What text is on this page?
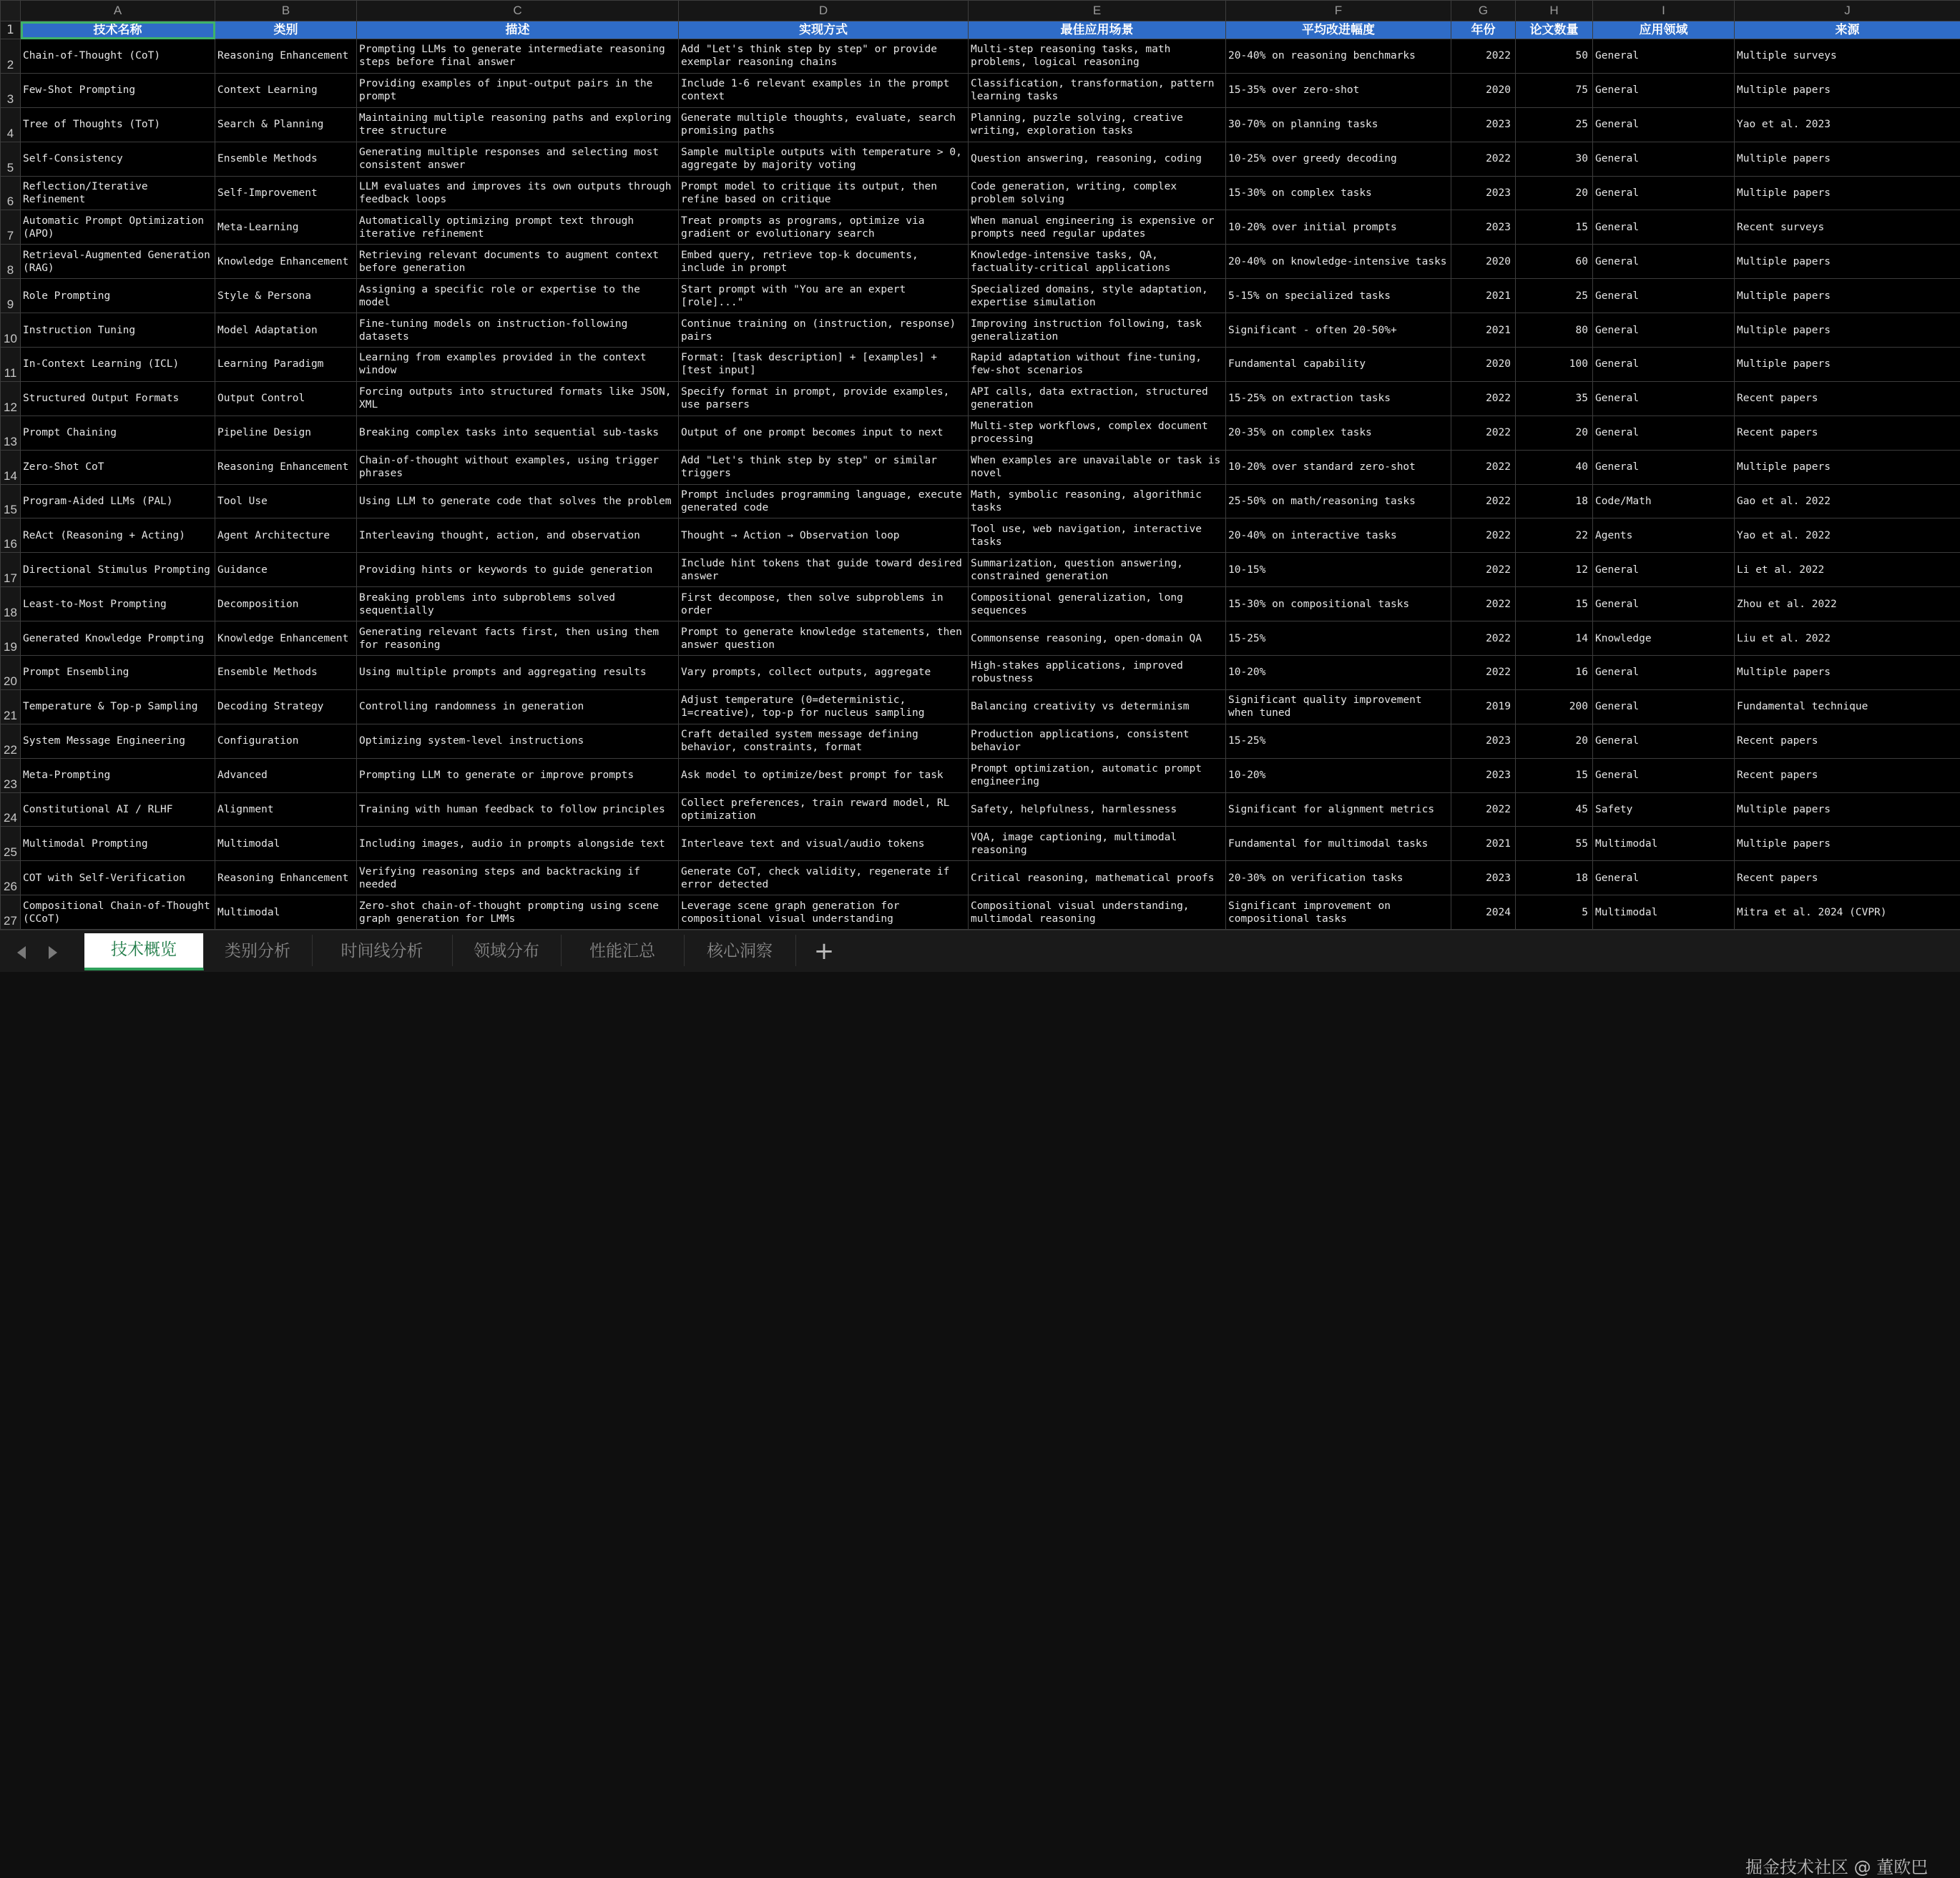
	A	B	C	D	E	F	G	H	I	J
1	技术名称	类别	描述	实现方式	最佳应用场景	平均改进幅度	年份	论文数量	应用领域	来源
2	Chain-of-Thought (CoT)	Reasoning Enhancement	Prompting LLMs to generate intermediate reasoning steps before final answer	Add "Let's think step by step" or provide exemplar reasoning chains	Multi-step reasoning tasks, math problems, logical reasoning	20-40% on reasoning benchmarks	2022	50	General	Multiple surveys
3	Few-Shot Prompting	Context Learning	Providing examples of input-output pairs in the prompt	Include 1-6 relevant examples in the prompt context	Classification, transformation, pattern learning tasks	15-35% over zero-shot	2020	75	General	Multiple papers
4	Tree of Thoughts (ToT)	Search & Planning	Maintaining multiple reasoning paths and exploring tree structure	Generate multiple thoughts, evaluate, search promising paths	Planning, puzzle solving, creative writing, exploration tasks	30-70% on planning tasks	2023	25	General	Yao et al. 2023
5	Self-Consistency	Ensemble Methods	Generating multiple responses and selecting most consistent answer	Sample multiple outputs with temperature > 0, aggregate by majority voting	Question answering, reasoning, coding	10-25% over greedy decoding	2022	30	General	Multiple papers
6	Reflection/Iterative Refinement	Self-Improvement	LLM evaluates and improves its own outputs through feedback loops	Prompt model to critique its output, then refine based on critique	Code generation, writing, complex problem solving	15-30% on complex tasks	2023	20	General	Multiple papers
7	Automatic Prompt Optimization (APO)	Meta-Learning	Automatically optimizing prompt text through iterative refinement	Treat prompts as programs, optimize via gradient or evolutionary search	When manual engineering is expensive or prompts need regular updates	10-20% over initial prompts	2023	15	General	Recent surveys
8	Retrieval-Augmented Generation (RAG)	Knowledge Enhancement	Retrieving relevant documents to augment context before generation	Embed query, retrieve top-k documents, include in prompt	Knowledge-intensive tasks, QA, factuality-critical applications	20-40% on knowledge-intensive tasks	2020	60	General	Multiple papers
9	Role Prompting	Style & Persona	Assigning a specific role or expertise to the model	Start prompt with "You are an expert [role]..."	Specialized domains, style adaptation, expertise simulation	5-15% on specialized tasks	2021	25	General	Multiple papers
10	Instruction Tuning	Model Adaptation	Fine-tuning models on instruction-following datasets	Continue training on (instruction, response) pairs	Improving instruction following, task generalization	Significant - often 20-50%+	2021	80	General	Multiple papers
11	In-Context Learning (ICL)	Learning Paradigm	Learning from examples provided in the context window	Format: [task description] + [examples] + [test input]	Rapid adaptation without fine-tuning, few-shot scenarios	Fundamental capability	2020	100	General	Multiple papers
12	Structured Output Formats	Output Control	Forcing outputs into structured formats like JSON, XML	Specify format in prompt, provide examples, use parsers	API calls, data extraction, structured generation	15-25% on extraction tasks	2022	35	General	Recent papers
13	Prompt Chaining	Pipeline Design	Breaking complex tasks into sequential sub-tasks	Output of one prompt becomes input to next	Multi-step workflows, complex document processing	20-35% on complex tasks	2022	20	General	Recent papers
14	Zero-Shot CoT	Reasoning Enhancement	Chain-of-thought without examples, using trigger phrases	Add "Let's think step by step" or similar triggers	When examples are unavailable or task is novel	10-20% over standard zero-shot	2022	40	General	Multiple papers
15	Program-Aided LLMs (PAL)	Tool Use	Using LLM to generate code that solves the problem	Prompt includes programming language, execute generated code	Math, symbolic reasoning, algorithmic tasks	25-50% on math/reasoning tasks	2022	18	Code/Math	Gao et al. 2022
16	ReAct (Reasoning + Acting)	Agent Architecture	Interleaving thought, action, and observation	Thought → Action → Observation loop	Tool use, web navigation, interactive tasks	20-40% on interactive tasks	2022	22	Agents	Yao et al. 2022
17	Directional Stimulus Prompting	Guidance	Providing hints or keywords to guide generation	Include hint tokens that guide toward desired answer	Summarization, question answering, constrained generation	10-15%	2022	12	General	Li et al. 2022
18	Least-to-Most Prompting	Decomposition	Breaking problems into subproblems solved sequentially	First decompose, then solve subproblems in order	Compositional generalization, long sequences	15-30% on compositional tasks	2022	15	General	Zhou et al. 2022
19	Generated Knowledge Prompting	Knowledge Enhancement	Generating relevant facts first, then using them for reasoning	Prompt to generate knowledge statements, then answer question	Commonsense reasoning, open-domain QA	15-25%	2022	14	Knowledge	Liu et al. 2022
20	Prompt Ensembling	Ensemble Methods	Using multiple prompts and aggregating results	Vary prompts, collect outputs, aggregate	High-stakes applications, improved robustness	10-20%	2022	16	General	Multiple papers
21	Temperature & Top-p Sampling	Decoding Strategy	Controlling randomness in generation	Adjust temperature (0=deterministic, 1=creative), top-p for nucleus sampling	Balancing creativity vs determinism	Significant quality improvement when tuned	2019	200	General	Fundamental technique
22	System Message Engineering	Configuration	Optimizing system-level instructions	Craft detailed system message defining behavior, constraints, format	Production applications, consistent behavior	15-25%	2023	20	General	Recent papers
23	Meta-Prompting	Advanced	Prompting LLM to generate or improve prompts	Ask model to optimize/best prompt for task	Prompt optimization, automatic prompt engineering	10-20%	2023	15	General	Recent papers
24	Constitutional AI / RLHF	Alignment	Training with human feedback to follow principles	Collect preferences, train reward model, RL optimization	Safety, helpfulness, harmlessness	Significant for alignment metrics	2022	45	Safety	Multiple papers
25	Multimodal Prompting	Multimodal	Including images, audio in prompts alongside text	Interleave text and visual/audio tokens	VQA, image captioning, multimodal reasoning	Fundamental for multimodal tasks	2021	55	Multimodal	Multiple papers
26	COT with Self-Verification	Reasoning Enhancement	Verifying reasoning steps and backtracking if needed	Generate CoT, check validity, regenerate if error detected	Critical reasoning, mathematical proofs	20-30% on verification tasks	2023	18	General	Recent papers
27	Compositional Chain-of-Thought (CCoT)	Multimodal	Zero-shot chain-of-thought prompting using scene graph generation for LMMs	Leverage scene graph generation for compositional visual understanding	Compositional visual understanding, multimodal reasoning	Significant improvement on compositional tasks	2024	5	Multimodal	Mitra et al. 2024 (CVPR)

技术概览	类别分析	时间线分析	领域分布	性能汇总	核心洞察	+
掘金技术社区 @ 董欧巴
